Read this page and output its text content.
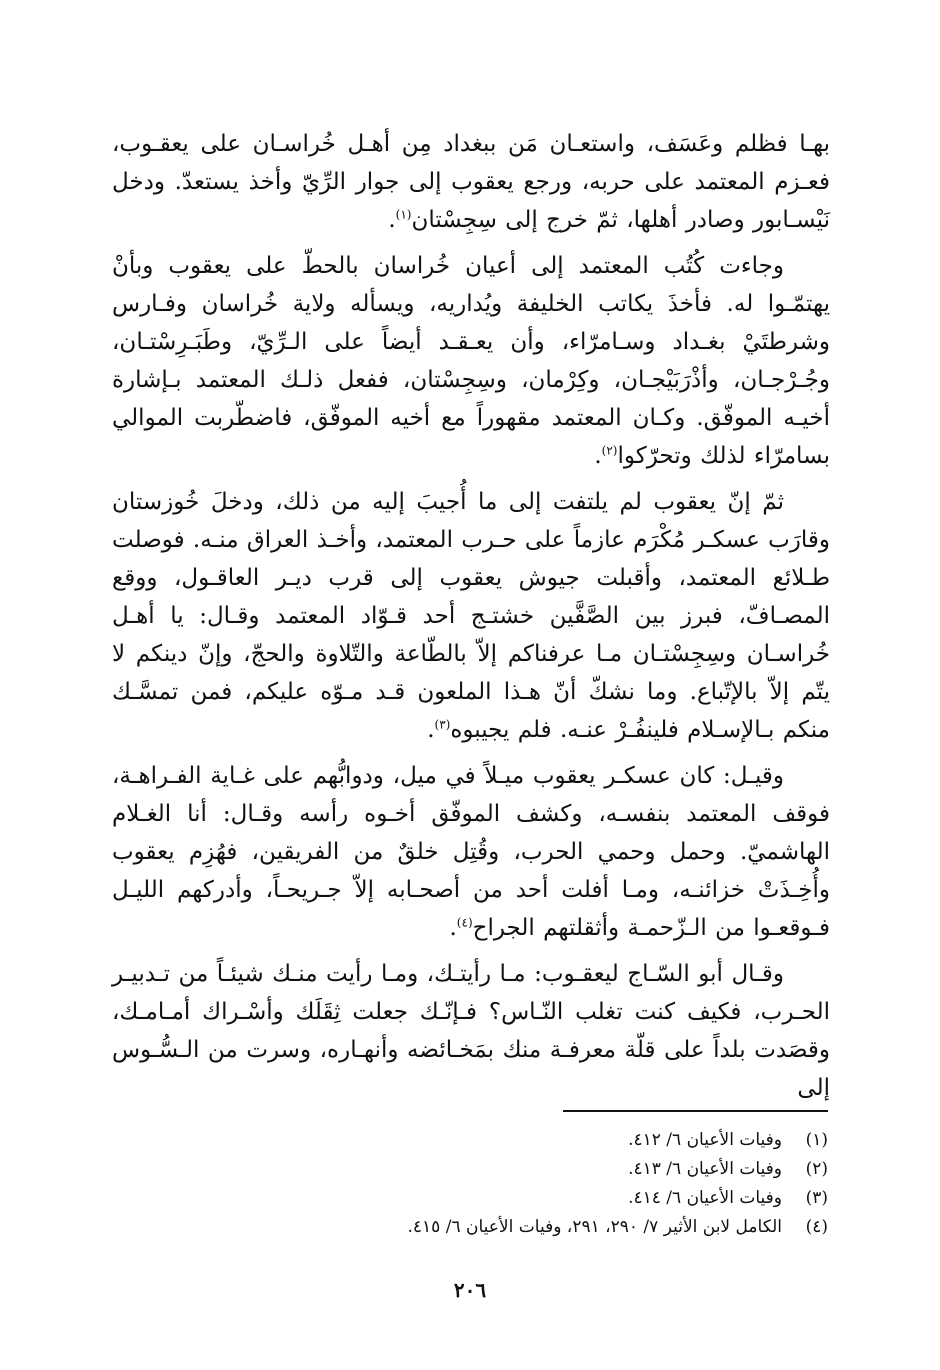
بهـا فظلم وعَسَف، واستعـان مَن ببغداد مِن أهـل خُراسـان على يعقـوب، فعـزم المعتمد على حربه، ورجع يعقوب إلى جوار الرِّيّ وأخذ يستعدّ. ودخل نَيْسـابور وصادر أهلها، ثمّ خرج إلى سِجِسْتان$^{(١)}$.

وجاءت كُتُب المعتمد إلى أعيان خُراسان بالحطّ على يعقوب وبأنْ يهتمّـوا له. فأخذَ يكاتب الخليفة ويُداريه، ويسأله ولاية خُراسان وفـارس وشرطتَيْ بغـداد وسـامرّاء، وأن يعـقـد أيضاً على الـرِّيّ، وطَبَـرِسْتـان، وجُـرْجـان، وأذْرَبَيْجـان، وكِرْمان، وسِجِسْتان، ففعل ذلـك المعتمد بـإشارة أخيـه الموفّق. وكـان المعتمد مقهوراً مع أخيه الموفّق، فاضطّربت الموالي بسامرّاء لذلك وتحرّكوا$^{(٢)}$.

ثمّ إنّ يعقوب لم يلتفت إلى ما أُجيبَ إليه من ذلك، ودخلَ خُوزستان وقارَب عسكـر مُكْرَم عازماً على حـرب المعتمد، وأخـذ العراق منـه. فوصلت طـلائع المعتمد، وأقبلت جيوش يعقوب إلى قرب ديـر العاقـول، ووقع المصـافّ، فبرز بين الصَّفَّين خشتـج أحد قـوّاد المعتمد وقـال: يا أهـل خُراسـان وسِجِسْتـان مـا عرفناكم إلاّ بالطّاعة والتّلاوة والحجّ، وإنّ دينكم لا يتّم إلاّ بالإتّباع. وما نشكّ أنّ هـذا الملعون قـد مـوّه عليكم، فمن تمسَّـك منكم بـالإسـلام فلينفُـرْ عنـه. فلم يجيبوه$^{(٣)}$.

وقيـل: كان عسكـر يعقوب ميـلاً في ميل، ودوابُّهم على غـاية الفـراهـة، فوقف المعتمد بنفسـه، وكشف الموفّق أخـوه رأسه وقـال: أنا الغـلام الهاشميّ. وحمل وحمي الحرب، وقُتِل خلقٌ من الفريقين، فهُزِم يعقوب وأُخِـذَتْ خزائنـه، ومـا أفلت أحد من أصحـابه إلاّ جـريحـاً، وأدركهم الليـل فـوقعـوا من الـزّحمـة وأثقلتهم الجراح$^{(٤)}$.

وقـال أبو السّـاج ليعقـوب: مـا رأيتـك، ومـا رأيت منـك شيئـاً من تـدبيـر الحـرب، فكيف كنت تغلب النّـاس؟ فـإنّـك جعلت ثِقَلَك وأسْـراك أمـامـك، وقصَدت بلداً على قلّة معرفـة منك بمَخـائضه وأنهـاره، وسرت من الـسُّـوس إلى

(١)
وفيات الأعيان ٦/ ٤١٢.
(٢)
وفيات الأعيان ٦/ ٤١٣.
(٣)
وفيات الأعيان ٦/ ٤١٤.
(٤)
الكامل لابن الأثير ٧/ ٢٩٠، ٢٩١، وفيات الأعيان ٦/ ٤١٥.
٢٠٦
